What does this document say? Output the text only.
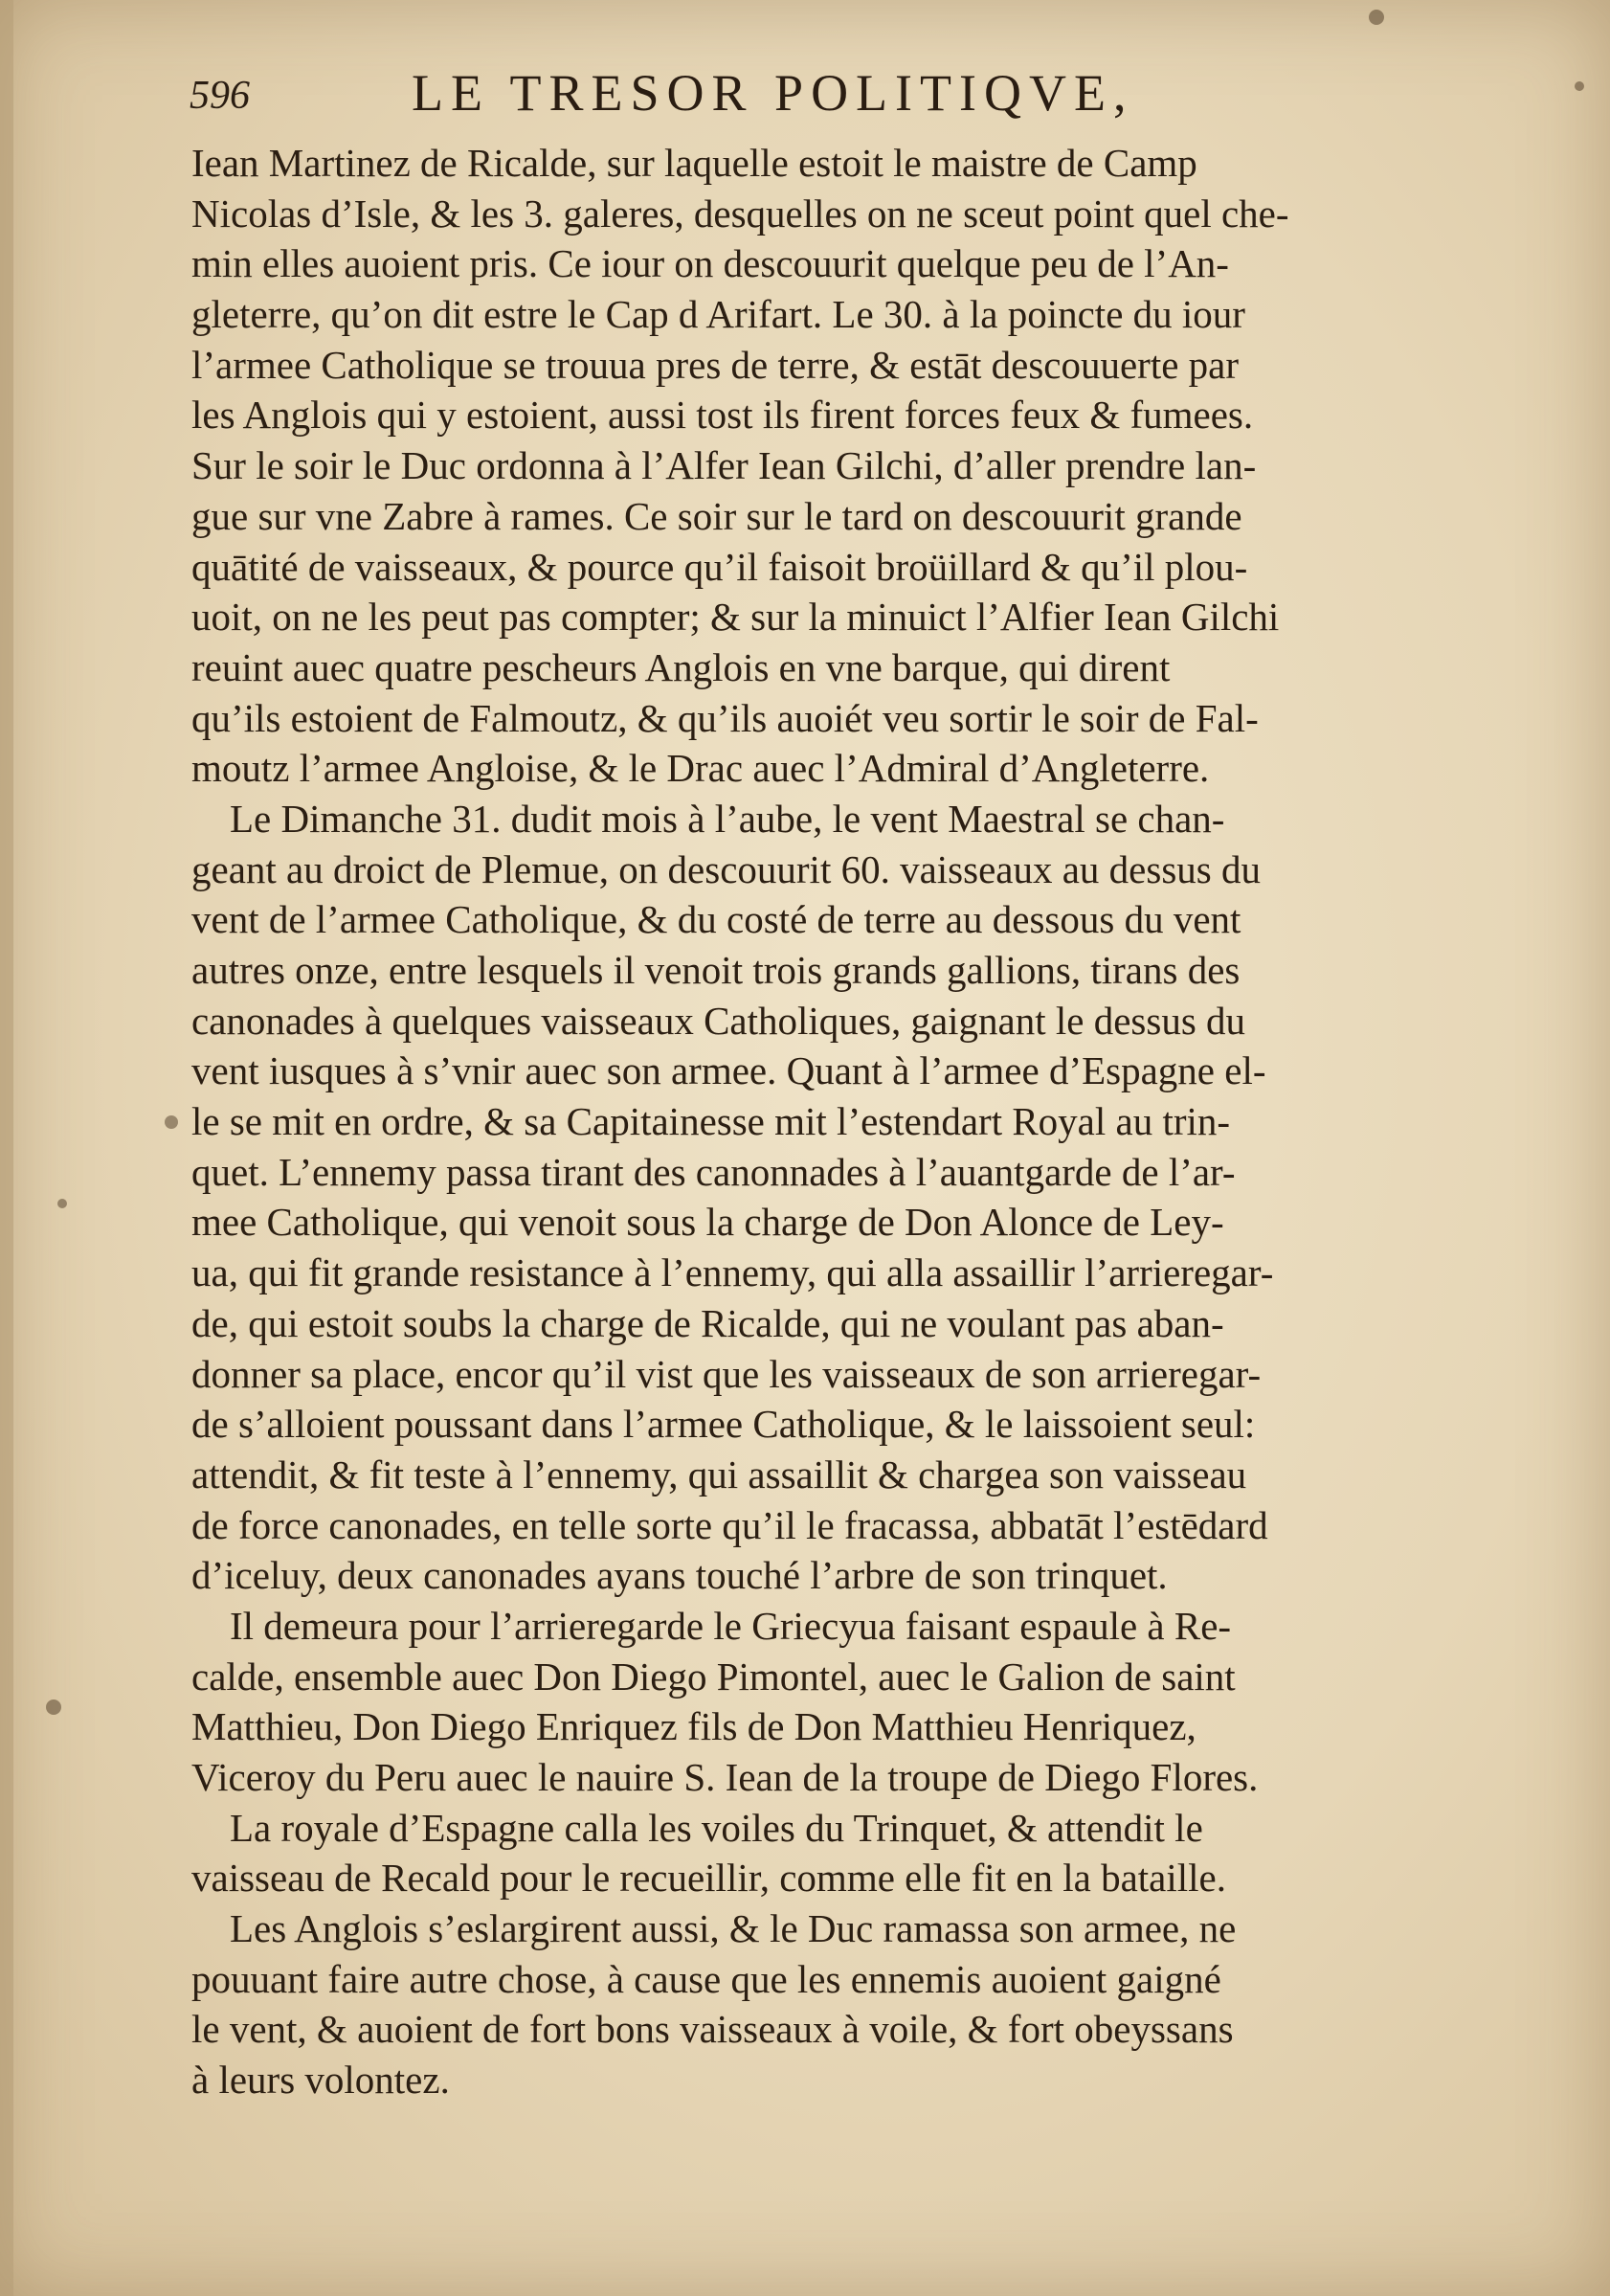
596	LE TRESOR POLITIQVE,
Iean Martinez de Ricalde, sur laquelle estoit le maistre de Camp
Nicolas d’Isle, & les 3. galeres, desquelles on ne sceut point quel che-
min elles auoient pris. Ce iour on descouurit quelque peu de l’An-
gleterre, qu’on dit estre le Cap d Arifart. Le 30. à la poincte du iour
l’armee Catholique se trouua pres de terre, & estāt descouuerte par
les Anglois qui y estoient, aussi tost ils firent forces feux & fumees.
Sur le soir le Duc ordonna à l’Alfer Iean Gilchi, d’aller prendre lan-
gue sur vne Zabre à rames. Ce soir sur le tard on descouurit grande
quātité de vaisseaux, & pource qu’il faisoit broüillard & qu’il plou-
uoit, on ne les peut pas compter; & sur la minuict l’Alfier Iean Gilchi
reuint auec quatre pescheurs Anglois en vne barque, qui dirent
qu’ils estoient de Falmoutz, & qu’ils auoiét veu sortir le soir de Fal-
moutz l’armee Angloise, & le Drac auec l’Admiral d’Angleterre.
Le Dimanche 31. dudit mois à l’aube, le vent Maestral se chan-
geant au droict de Plemue, on descouurit 60. vaisseaux au dessus du
vent de l’armee Catholique, & du costé de terre au dessous du vent
autres onze, entre lesquels il venoit trois grands gallions, tirans des
canonades à quelques vaisseaux Catholiques, gaignant le dessus du
vent iusques à s’vnir auec son armee. Quant à l’armee d’Espagne el-
le se mit en ordre, & sa Capitainesse mit l’estendart Royal au trin-
quet. L’ennemy passa tirant des canonnades à l’auantgarde de l’ar-
mee Catholique, qui venoit sous la charge de Don Alonce de Ley-
ua, qui fit grande resistance à l’ennemy, qui alla assaillir l’arrieregar-
de, qui estoit soubs la charge de Ricalde, qui ne voulant pas aban-
donner sa place, encor qu’il vist que les vaisseaux de son arrieregar-
de s’alloient poussant dans l’armee Catholique, & le laissoient seul:
attendit, & fit teste à l’ennemy, qui assaillit & chargea son vaisseau
de force canonades, en telle sorte qu’il le fracassa, abbatāt l’estēdard
d’iceluy, deux canonades ayans touché l’arbre de son trinquet.
Il demeura pour l’arrieregarde le Griecyua faisant espaule à Re-
calde, ensemble auec Don Diego Pimontel, auec le Galion de saint
Matthieu, Don Diego Enriquez fils de Don Matthieu Henriquez,
Viceroy du Peru auec le nauire S. Iean de la troupe de Diego Flores.
La royale d’Espagne calla les voiles du Trinquet, & attendit le
vaisseau de Recald pour le recueillir, comme elle fit en la bataille.
Les Anglois s’eslargirent aussi, & le Duc ramassa son armee, ne
pouuant faire autre chose, à cause que les ennemis auoient gaigné
le vent, & auoient de fort bons vaisseaux à voile, & fort obeyssans
à leurs volontez.
